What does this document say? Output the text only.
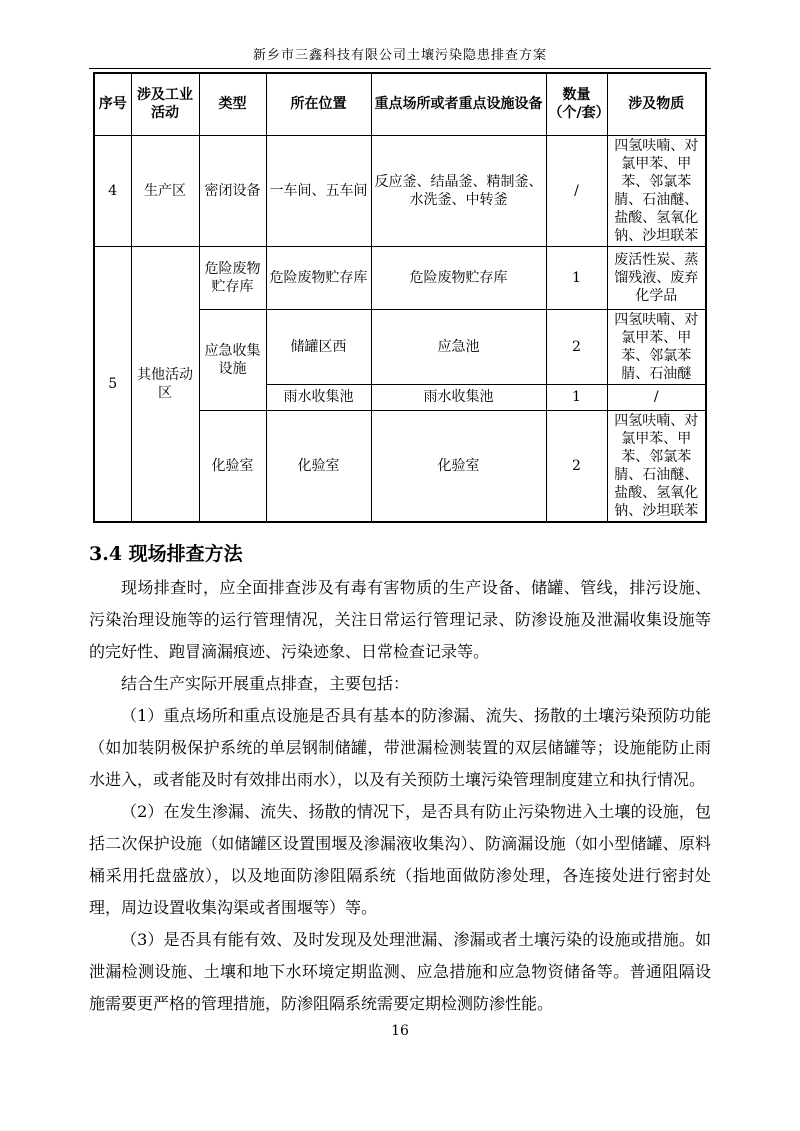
新乡市三鑫科技有限公司土壤污染隐患排查方案
序号	涉及工业活动	类型	所在位置	重点场所或者重点设施设备	数量（个/套）	涉及物质
4	生产区	密闭设备	一车间、五车间	反应釜、结晶釜、精制釜、水洗釜、中转釜	/	四氢呋喃、对氯甲苯、甲苯、邻氯苯腈、石油醚、盐酸、氢氧化钠、沙坦联苯
5	其他活动区	危险废物贮存库	危险废物贮存库	危险废物贮存库	1	废活性炭、蒸馏残液、废弃化学品
		应急收集设施	储罐区西	应急池	2	四氢呋喃、对氯甲苯、甲苯、邻氯苯腈、石油醚
			雨水收集池	雨水收集池	1	/
		化验室	化验室	化验室	2	四氢呋喃、对氯甲苯、甲苯、邻氯苯腈、石油醚、盐酸、氢氧化钠、沙坦联苯
3.4 现场排查方法

现场排查时，应全面排查涉及有毒有害物质的生产设备、储罐、管线，排污设施、污染治理设施等的运行管理情况，关注日常运行管理记录、防渗设施及泄漏收集设施等的完好性、跑冒滴漏痕迹、污染迹象、日常检查记录等。

结合生产实际开展重点排查，主要包括：

（1）重点场所和重点设施是否具有基本的防渗漏、流失、扬散的土壤污染预防功能（如加装阴极保护系统的单层钢制储罐，带泄漏检测装置的双层储罐等；设施能防止雨水进入，或者能及时有效排出雨水），以及有关预防土壤污染管理制度建立和执行情况。

（2）在发生渗漏、流失、扬散的情况下，是否具有防止污染物进入土壤的设施，包括二次保护设施（如储罐区设置围堰及渗漏液收集沟）、防滴漏设施（如小型储罐、原料桶采用托盘盛放），以及地面防渗阻隔系统（指地面做防渗处理，各连接处进行密封处理，周边设置收集沟渠或者围堰等）等。

（3）是否具有能有效、及时发现及处理泄漏、渗漏或者土壤污染的设施或措施。如泄漏检测设施、土壤和地下水环境定期监测、应急措施和应急物资储备等。普通阻隔设施需要更严格的管理措施，防渗阻隔系统需要定期检测防渗性能。

16
